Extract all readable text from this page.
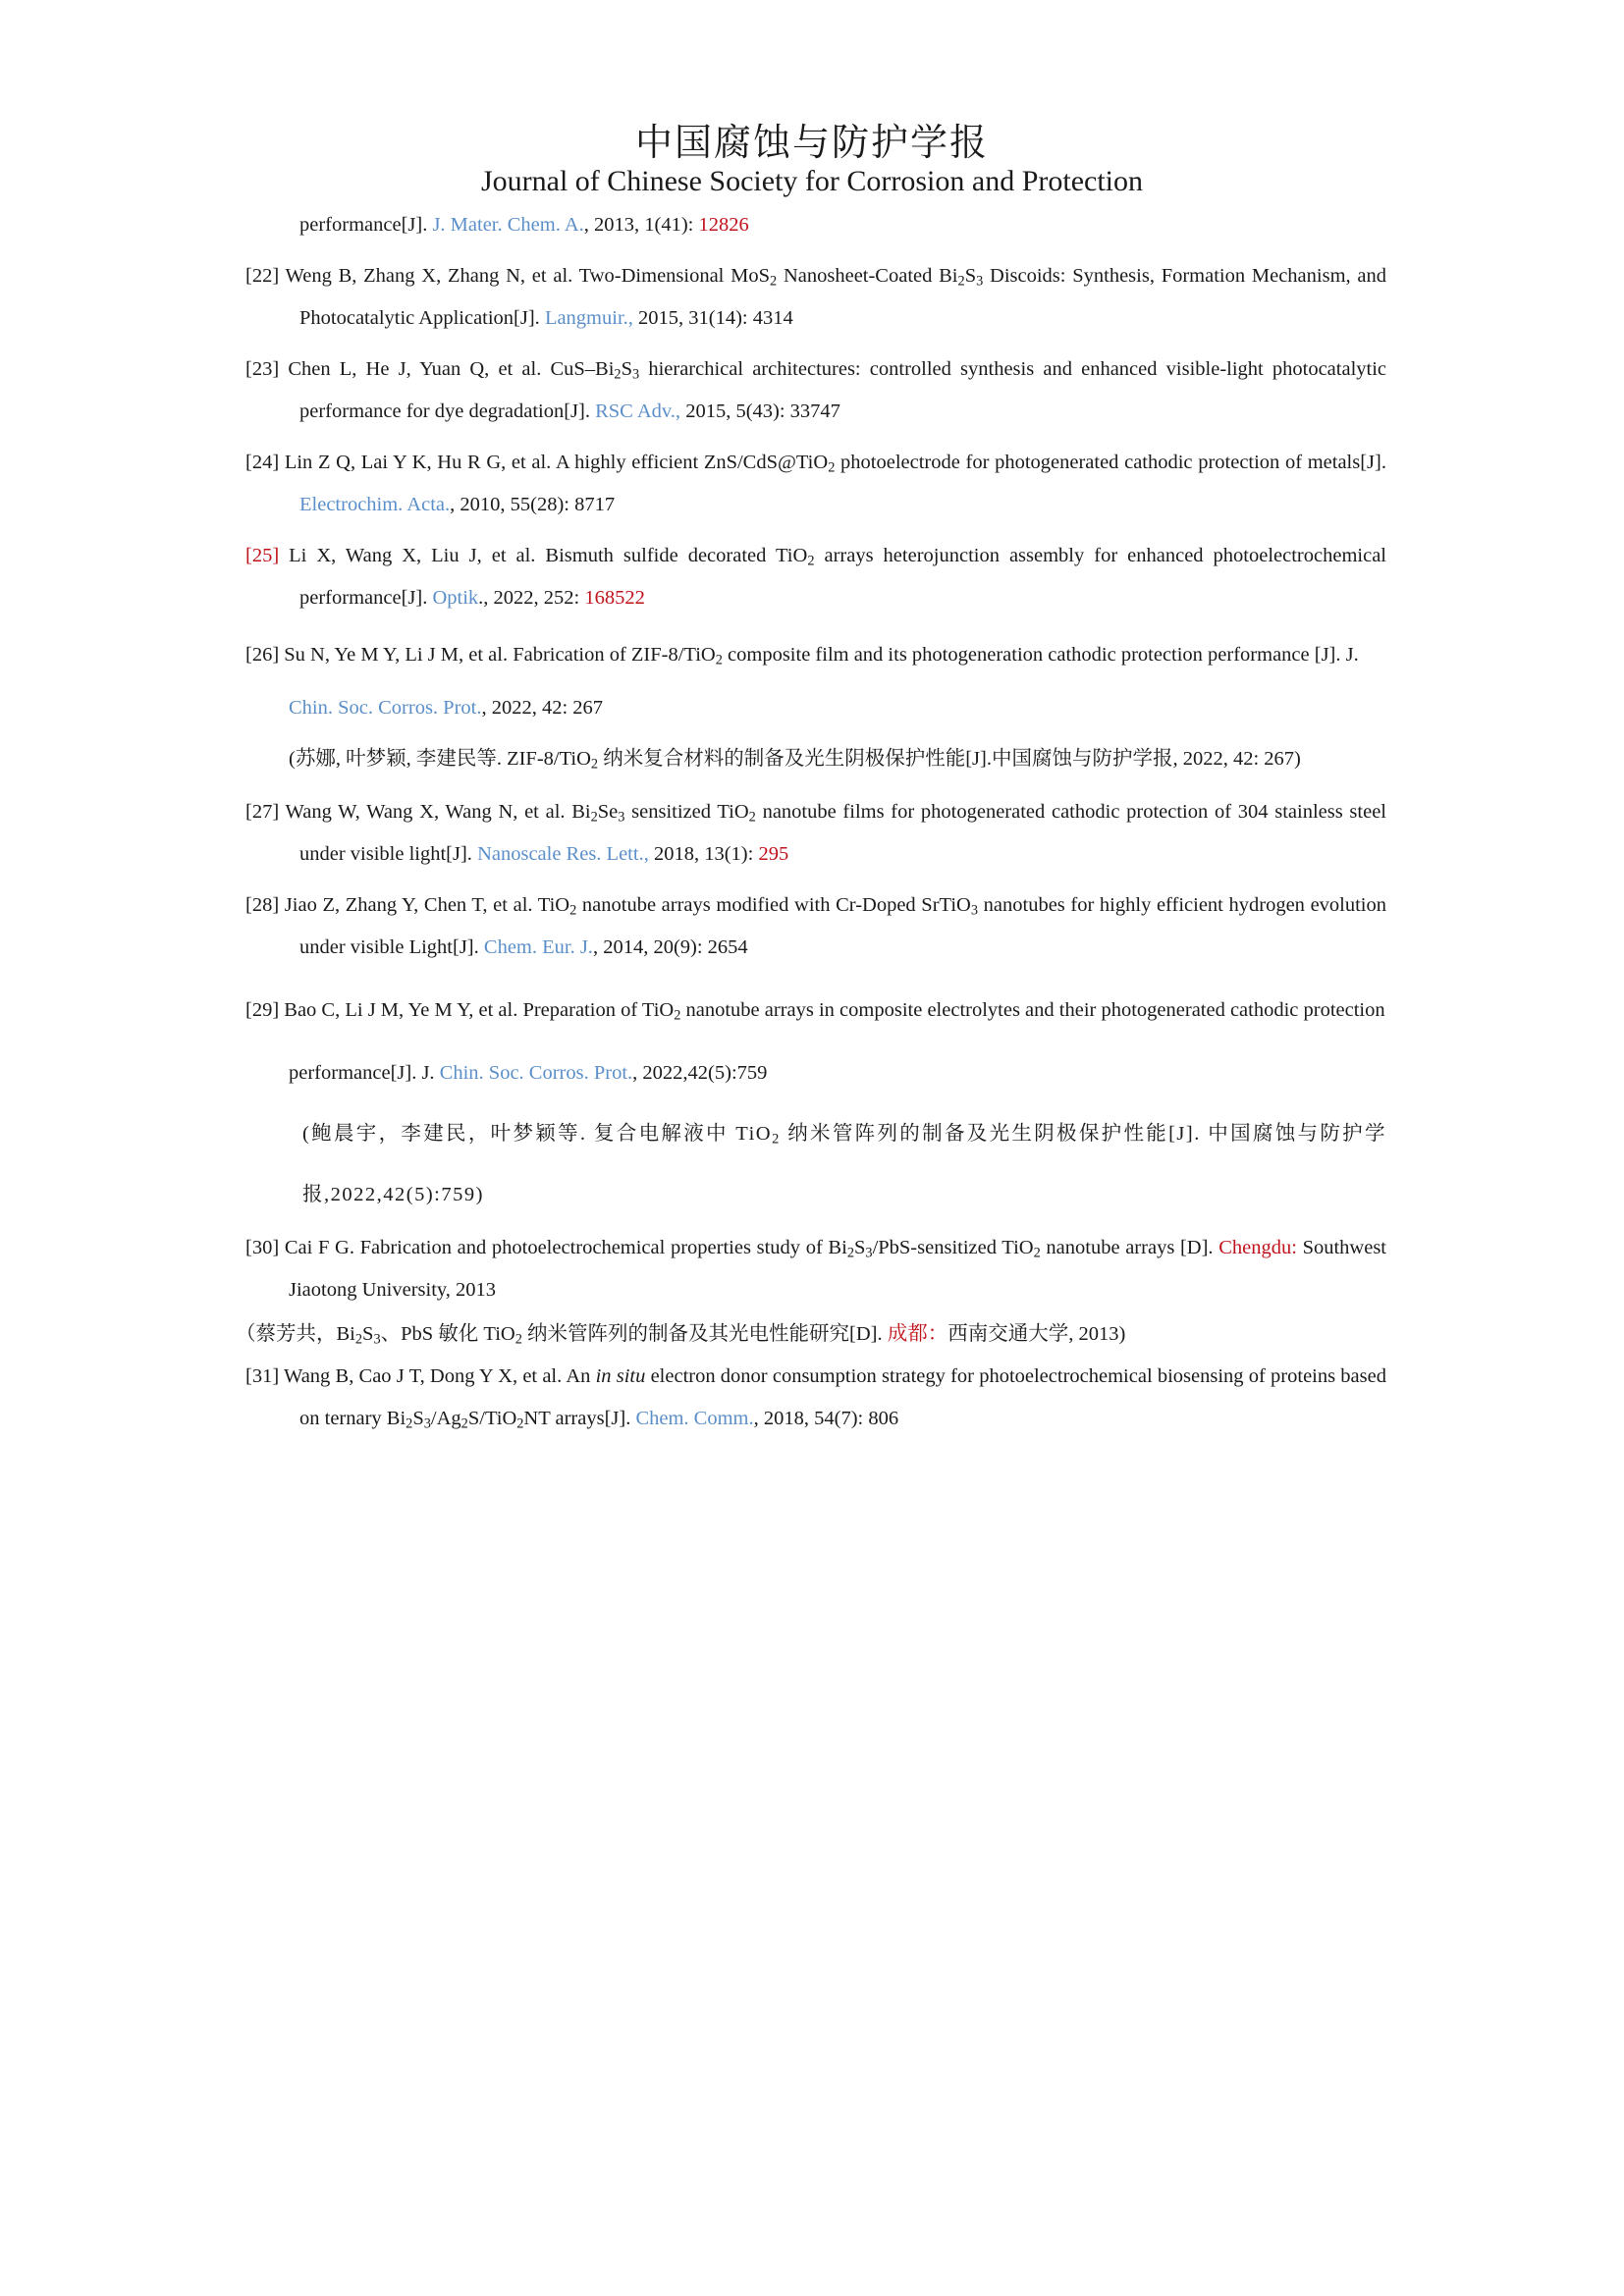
中国腐蚀与防护学报
Journal of Chinese Society for Corrosion and Protection
performance[J]. J. Mater. Chem. A., 2013, 1(41): 12826
[22] Weng B, Zhang X, Zhang N, et al. Two-Dimensional MoS$_2$ Nanosheet-Coated $Bi_2S_3$ Discoids: Synthesis, Formation Mechanism, and Photocatalytic Application[J]. Langmuir., 2015, 31(14): 4314
[23] Chen L, He J, Yuan Q, et al. CuS–$Bi_2S_3$ hierarchical architectures: controlled synthesis and enhanced visible-light photocatalytic performance for dye degradation[J]. RSC Adv., 2015, 5(43): 33747
[24] Lin Z Q, Lai Y K, Hu R G, et al. A highly efficient ZnS/CdS@TiO$_2$ photoelectrode for photogenerated cathodic protection of metals[J]. Electrochim. Acta., 2010, 55(28): 8717
[25] Li X, Wang X, Liu J, et al. Bismuth sulfide decorated TiO$_2$ arrays heterojunction assembly for enhanced photoelectrochemical performance[J]. Optik., 2022, 252: 168522
[26] Su N, Ye M Y, Li J M, et al. Fabrication of ZIF-8/TiO$_2$ composite film and its photogeneration cathodic protection performance [J]. J.
Chin. Soc. Corros. Prot., 2022, 42: 267
(苏娜, 叶梦颖, 李建民等. ZIF-8/TiO$_2$ 纳米复合材料的制备及光生阴极保护性能[J].中国腐蚀与防护学报, 2022, 42: 267)
[27] Wang W, Wang X, Wang N, et al. $Bi_2Se_3$ sensitized TiO$_2$ nanotube films for photogenerated cathodic protection of 304 stainless steel under visible light[J]. Nanoscale Res. Lett., 2018, 13(1): 295
[28] Jiao Z, Zhang Y, Chen T, et al. TiO$_2$ nanotube arrays modified with Cr-Doped SrTiO$_3$ nanotubes for highly efficient hydrogen evolution under visible Light[J]. Chem. Eur. J., 2014, 20(9): 2654
[29] Bao C, Li J M, Ye M Y, et al. Preparation of TiO$_2$ nanotube arrays in composite electrolytes and their photogenerated cathodic protection
performance[J]. J. Chin. Soc. Corros. Prot., 2022,42(5):759
(鲍晨宇，李建民，叶梦颖等. 复合电解液中 TiO$_2$ 纳米管阵列的制备及光生阴极保护性能[J]. 中国腐蚀与防护学报,2022,42(5):759)
[30] Cai F G. Fabrication and photoelectrochemical properties study of $Bi_2S_3/PbS$-sensitized TiO$_2$ nanotube arrays [D]. Chengdu: Southwest Jiaotong University, 2013
（蔡芳共，$Bi_2S_3$、PbS 敏化 TiO$_2$ 纳米管阵列的制备及其光电性能研究[D]. 成都：西南交通大学, 2013)
[31] Wang B, Cao J T, Dong Y X, et al. An in situ electron donor consumption strategy for photoelectrochemical biosensing of proteins based on ternary $Bi_2S_3/Ag_2S/TiO_2NT$ arrays[J]. Chem. Comm., 2018, 54(7): 806
